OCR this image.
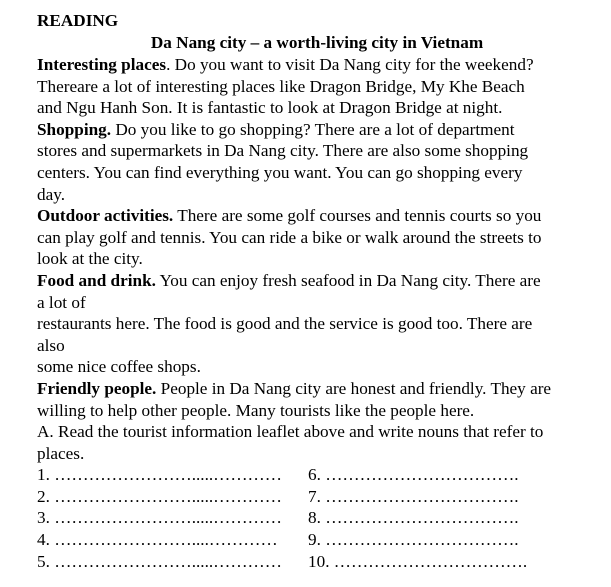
READING

Da Nang city – a worth-living city in Vietnam

Interesting places. Do you want to visit Da Nang city for the weekend?
Thereare a lot of interesting places like Dragon Bridge, My Khe Beach
and Ngu Hanh Son. It is fantastic to look at Dragon Bridge at night.

Shopping. Do you like to go shopping? There are a lot of department
stores and supermarkets in Da Nang city. There are also some shopping
centers. You can find everything you want. You can go shopping every
day.

Outdoor activities. There are some golf courses and tennis courts so you
can play golf and tennis. You can ride a bike or walk around the streets to
look at the city.

Food and drink. You can enjoy fresh seafood in Da Nang city. There are
a lot of
restaurants here. The food is good and the service is good too. There are
also
some nice coffee shops.

Friendly people. People in Da Nang city are honest and friendly. They are
willing to help other people. Many tourists like the people here.

A. Read the tourist information leaflet above and write nouns that refer to
places.

1. …………………….....…………	6. …………………………….
2. …………………….....…………	7. …………………………….
3. …………………….....…………	8. …………………………….
4. ……………………....…………	9. …………………………….
5. …………………….....…………	10. …………………………….
